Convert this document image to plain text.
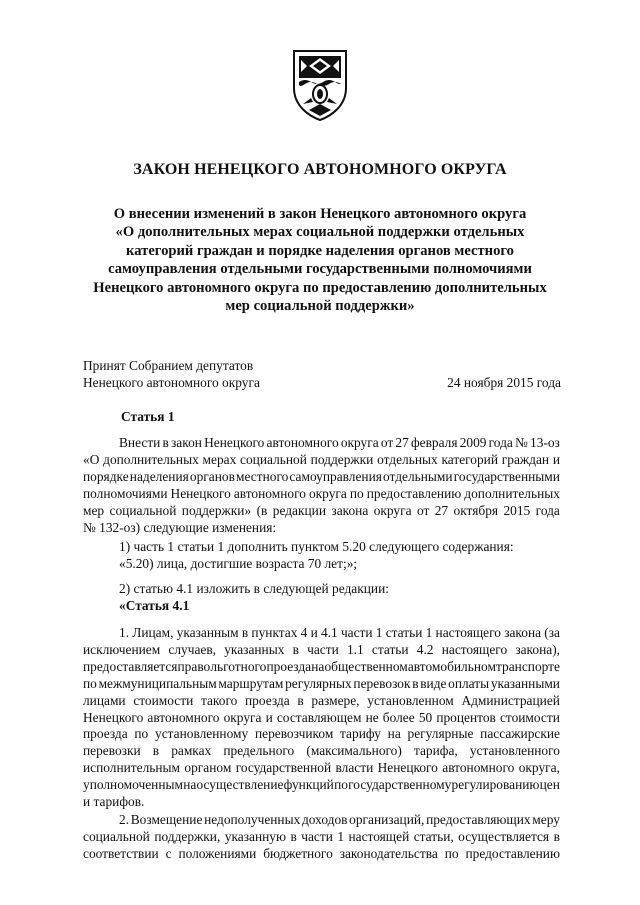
ЗАКОН НЕНЕЦКОГО АВТОНОМНОГО ОКРУГА
О внесении изменений в закон Ненецкого автономного округа
«О дополнительных мерах социальной поддержки отдельных
категорий граждан и порядке наделения органов местного
самоуправления отдельными государственными полномочиями
Ненецкого автономного округа по предоставлению дополнительных
мер социальной поддержки»
Принят Собранием депутатов
Ненецкого автономного округа	24 ноября 2015 года
Статья 1
Внести в закон Ненецкого автономного округа от 27 февраля 2009 года № 13-оз
«О дополнительных мерах социальной поддержки отдельных категорий граждан и
порядке наделения органов местного самоуправления отдельными государственными
полномочиями Ненецкого автономного округа по предоставлению дополнительных
мер социальной поддержки» (в редакции закона округа от 27 октября 2015 года
№ 132-оз) следующие изменения:
1) часть 1 статьи 1 дополнить пунктом 5.20 следующего содержания:
«5.20) лица, достигшие возраста 70 лет;»;
2) статью 4.1 изложить в следующей редакции:
«Статья 4.1
1. Лицам, указанным в пунктах 4 и 4.1 части 1 статьи 1 настоящего закона (за
исключением случаев, указанных в части 1.1 статьи 4.2 настоящего закона),
предоставляется право льготного проезда на общественном автомобильном транспорте
по межмуниципальным маршрутам регулярных перевозок в виде оплаты указанными
лицами стоимости такого проезда в размере, установленном Администрацией
Ненецкого автономного округа и составляющем не более 50 процентов стоимости
проезда по установленному перевозчиком тарифу на регулярные пассажирские
перевозки в рамках предельного (максимального) тарифа, установленного
исполнительным органом государственной власти Ненецкого автономного округа,
уполномоченным на осуществление функций по государственному регулированию цен
и тарифов.
2. Возмещение недополученных доходов организаций, предоставляющих меру
социальной поддержки, указанную в части 1 настоящей статьи, осуществляется в
соответствии с положениями бюджетного законодательства по предоставлению
